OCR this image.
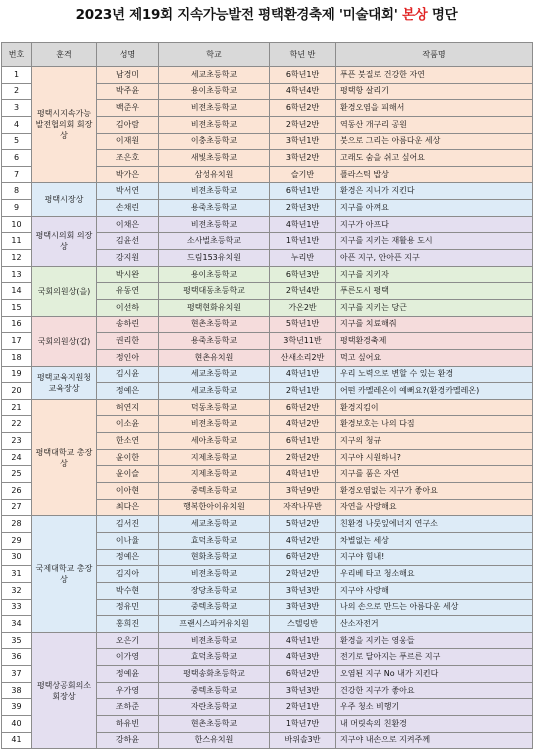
2023년 제19회 지속가능발전 평택환경축제 '미술대회' 본상 명단
번호	훈격	성명	학교	학년 반	작품명
1	평택시지속가능발전협의회 회장상	남경미	세교초등학교	6학년1반	푸픈 붓질로 건강한 자연
2		박주윤	용이초등학교	4학년4반	평택항 살리기
3		백준우	비전초등학교	6학년2반	환경오염을 피해서
4		김아람	비전초등학교	2학년2반	역동산 개구리 공원
5		이재원	이충초등학교	3학년1반	붓으로 그리는 아름다운 세상
6		조은호	새빛초등학교	3학년2반	고래도 숨을 쉬고 싶어요
7		박가은	삼성유치원	슬기반	플라스틱 밥상
8	평택시장상	박서연	비전초등학교	6학년1반	환경은 지니가 지킨다
9		손채린	용죽초등학교	2학년3반	지구를 아껴요
10	평택시의회 의장상	이채은	비전초등학교	4학년1반	지구가 아프다
11		김윤선	소사벌초등학교	1학년1반	지구를 지키는 재활용 도시
12		강지원	드림153유치원	누리반	아픈 지구, 안아픈 지구
13	국회의원상(을)	박시완	용이초등학교	6학년3반	지구를 지키자
14		유동연	평택대동초등학교	2학년4반	푸른도시 평택
15		이선하	평택현화유치원	가온2반	지구를 지키는 당근
16	국회의원상(갑)	송하린	현촌초등학교	5학년1반	지구를 치료해줘
17		권리한	용죽초등학교	3학년11반	평택환경축제
18		정인아	현촌유치원	산새소리2반	먹고 싶어요
19	평택교육지원청 교육장상	김시윤	세교초등학교	4학년1반	우리 노력으로 변할 수 있는 환경
20		정예은	세교초등학교	2학년1반	어떤 카멜레온이 예뻐요?(환경카멜레온)
21	평택대학교 총장상	허연지	덕동초등학교	6학년2반	환경지킴이
22		이소윤	비전초등학교	4학년2반	환경보호는 나의 다짐
23		한소연	세아초등학교	6학년1반	지구의 청규
24		윤이한	지제초등학교	2학년2반	지구야 시원하니?
25		윤이슬	지제초등학교	4학년1반	지구를 품은 자연
26		이아현	중텍초등학교	3학년9반	환경오염없는 지구가 좋아요
27		최다은	행복한아이유치원	자작나무반	자연을 사랑해요
28	국제대학교 총장상	김서진	세교초등학교	5학년2반	친환경 나뭇잎에너지 연구소
29		이나율	효덕초등학교	4학년2반	차별없는 세상
30		정예은	현화초등학교	6학년2반	지구야 힘내!
31		김지아	비전초등학교	2학년2반	우리베 타고 청소해요
32		박수현	장당초등학교	3학년3반	지구야 사랑해
33		정유민	중텍초등학교	3학년3반	나의 손으로 만드는 아름다운 세상
34		홍희진	프랜시스파커유치원	스텔링반	산소자전거
35	평택상공회의소 회장상	오은기	비전초등학교	4학년1반	환경을 지키는 영웅들
36		이가영	효덕초등학교	4학년3반	전기로 달아지는 푸르른 지구
37		정예윤	평택송화초등학교	6학년2반	오염된 지구 No 내가 지킨다
38		우가영	중텍초등학교	3학년3반	건강한 지구가 좋아요
39		조하준	자란초등학교	2학년1반	우주 청소 비행기
40		하유빈	현촌초등학교	1학년7반	내 머릿속의 친환경
41		강하윤	한스유치원	바위솔3반	지구야 내손으로 지켜주께
